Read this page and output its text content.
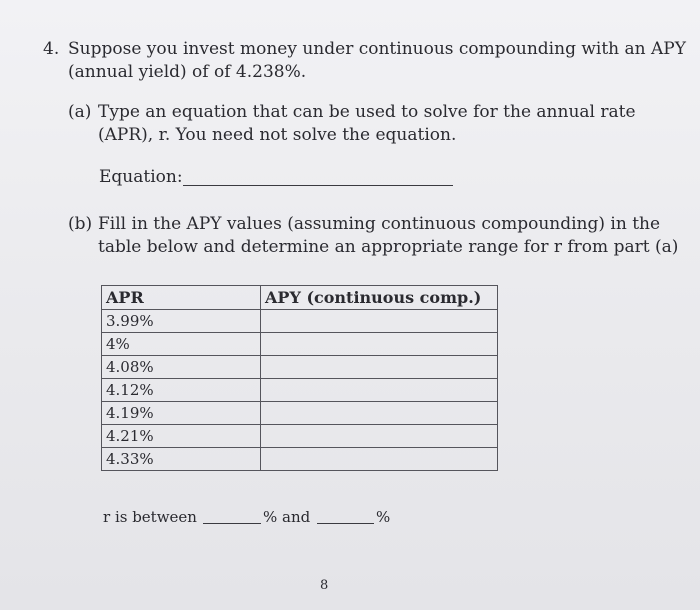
4. Suppose you invest money under continuous compounding with an APY
(annual yield) of of 4.238%.
(a) Type an equation that can be used to solve for the annual rate
(APR), r. You need not solve the equation.
Equation:
(b) Fill in the APY values (assuming continuous compounding) in the
table below and determine an appropriate range for r from part (a)
APR	APY (continuous comp.)
3.99%	
4%	
4.08%	
4.12%	
4.19%	
4.21%	
4.33%	
r is between	% and	%
8
